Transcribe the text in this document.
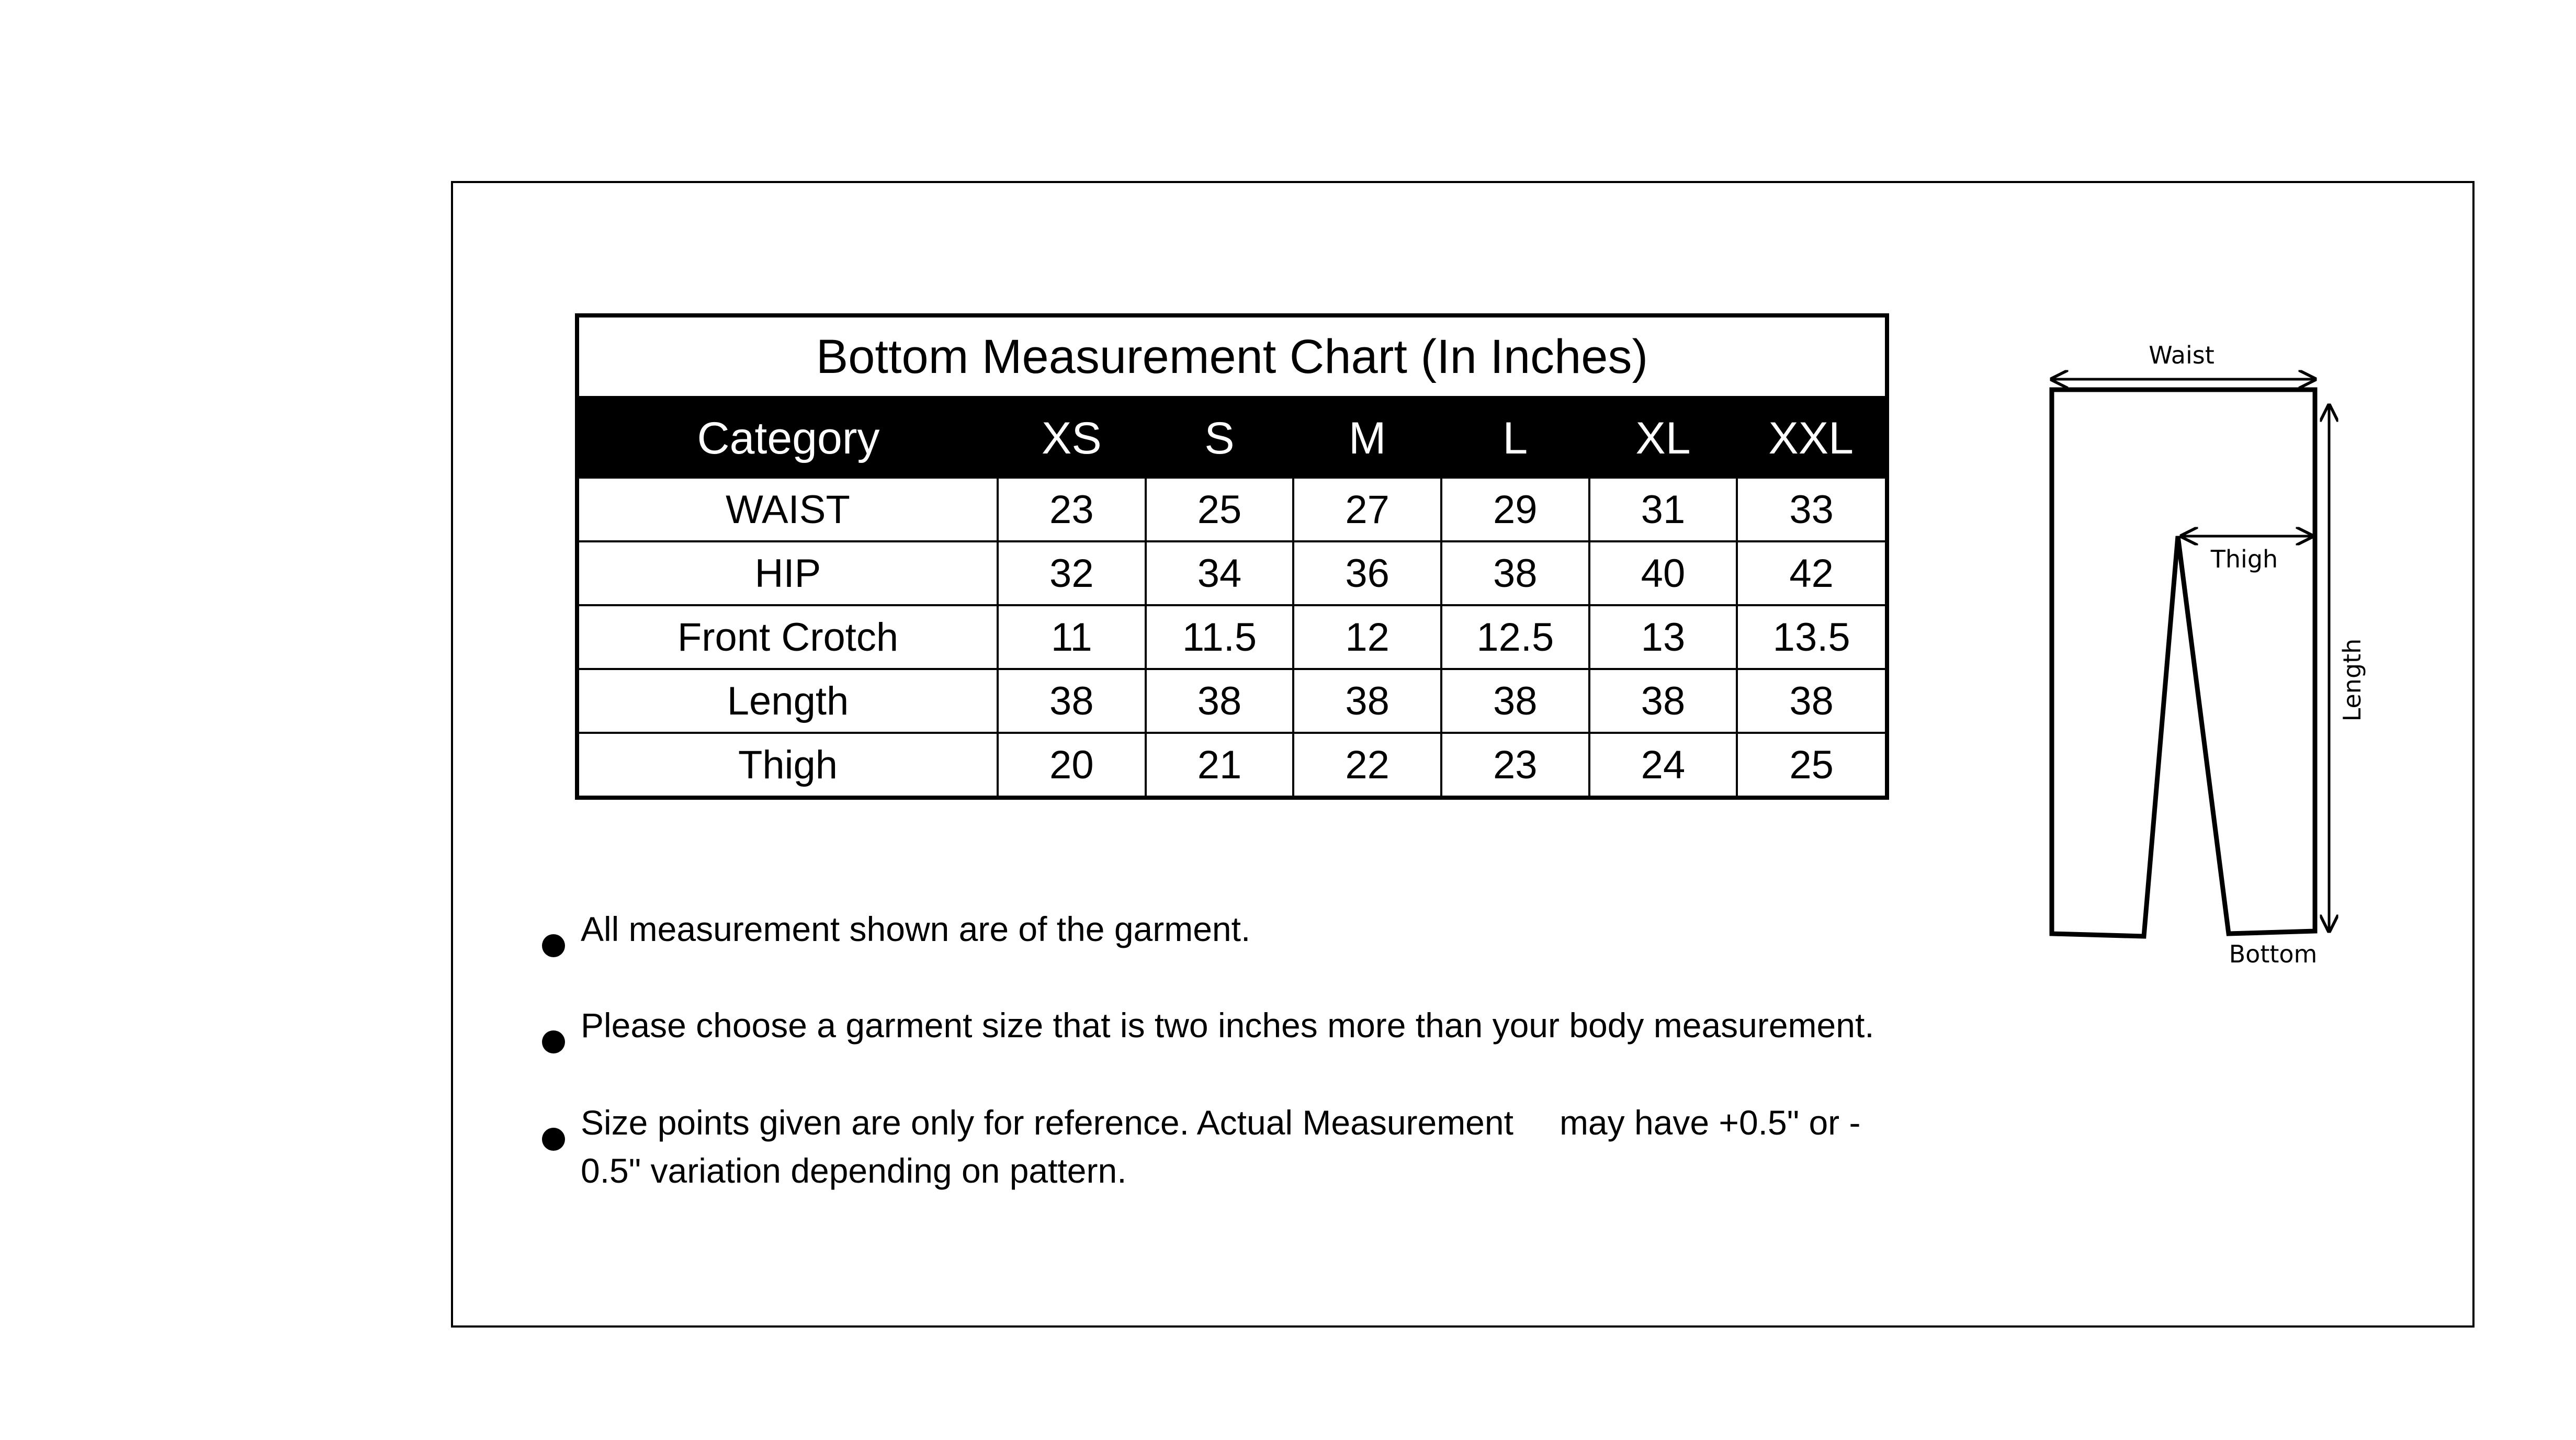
Bottom Measurement Chart (In Inches)
Category	XS	S	M	L	XL	XXL
WAIST	23	25	27	29	31	33
HIP	32	34	36	38	40	42
Front Crotch	11	11.5	12	12.5	13	13.5
Length	38	38	38	38	38	38
Thigh	20	21	22	23	24	25
All measurement shown are of the garment.
Please choose a garment size that is two inches more than your body measurement.
Size points given are only for reference. Actual Measurement may have +0.5" or - 0.5" variation depending on pattern.
Waist
Thigh
Length
Bottom
